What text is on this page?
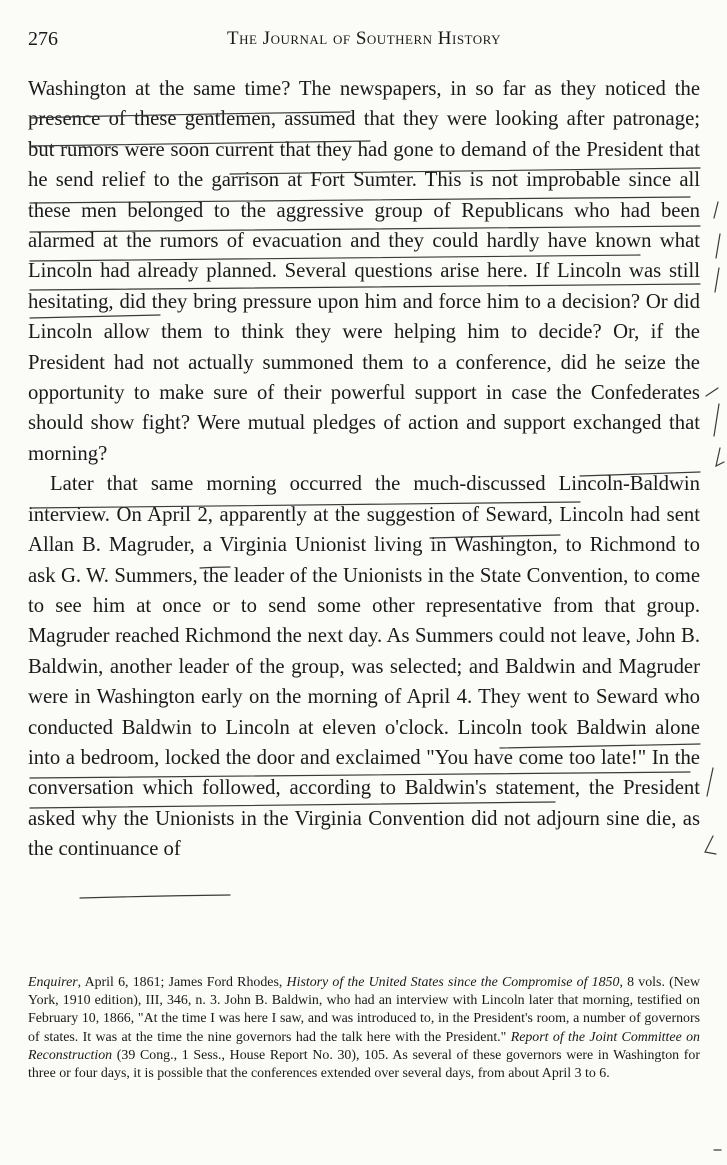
276	The Journal of Southern History

Washington at the same time? The newspapers, in so far as they noticed the presence of these gentlemen, assumed that they were looking after patronage; but rumors were soon current that they had gone to demand of the President that he send relief to the garrison at Fort Sumter. This is not improbable since all these men belonged to the aggressive group of Republicans who had been alarmed at the rumors of evacuation and they could hardly have known what Lincoln had already planned. Several questions arise here. If Lincoln was still hesitating, did they bring pressure upon him and force him to a decision? Or did Lincoln allow them to think they were helping him to decide? Or, if the President had not actually summoned them to a conference, did he seize the opportunity to make sure of their powerful support in case the Confederates should show fight? Were mutual pledges of action and support exchanged that morning?

Later that same morning occurred the much-discussed Lincoln-Baldwin interview. On April 2, apparently at the suggestion of Seward, Lincoln had sent Allan B. Magruder, a Virginia Unionist living in Washington, to Richmond to ask G. W. Summers, the leader of the Unionists in the State Convention, to come to see him at once or to send some other representative from that group. Magruder reached Richmond the next day. As Summers could not leave, John B. Baldwin, another leader of the group, was selected; and Baldwin and Magruder were in Washington early on the morning of April 4. They went to Seward who conducted Baldwin to Lincoln at eleven o'clock. Lincoln took Baldwin alone into a bedroom, locked the door and exclaimed "You have come too late!" In the conversation which followed, according to Baldwin's statement, the President asked why the Unionists in the Virginia Convention did not adjourn sine die, as the continuance of

Enquirer, April 6, 1861; James Ford Rhodes, History of the United States since the Compromise of 1850, 8 vols. (New York, 1910 edition), III, 346, n. 3. John B. Baldwin, who had an interview with Lincoln later that morning, testified on February 10, 1866, "At the time I was here I saw, and was introduced to, in the President's room, a number of governors of states. It was at the time the nine governors had the talk here with the President." Report of the Joint Committee on Reconstruction (39 Cong., 1 Sess., House Report No. 30), 105. As several of these governors were in Washington for three or four days, it is possible that the conferences extended over several days, from about April 3 to 6.
